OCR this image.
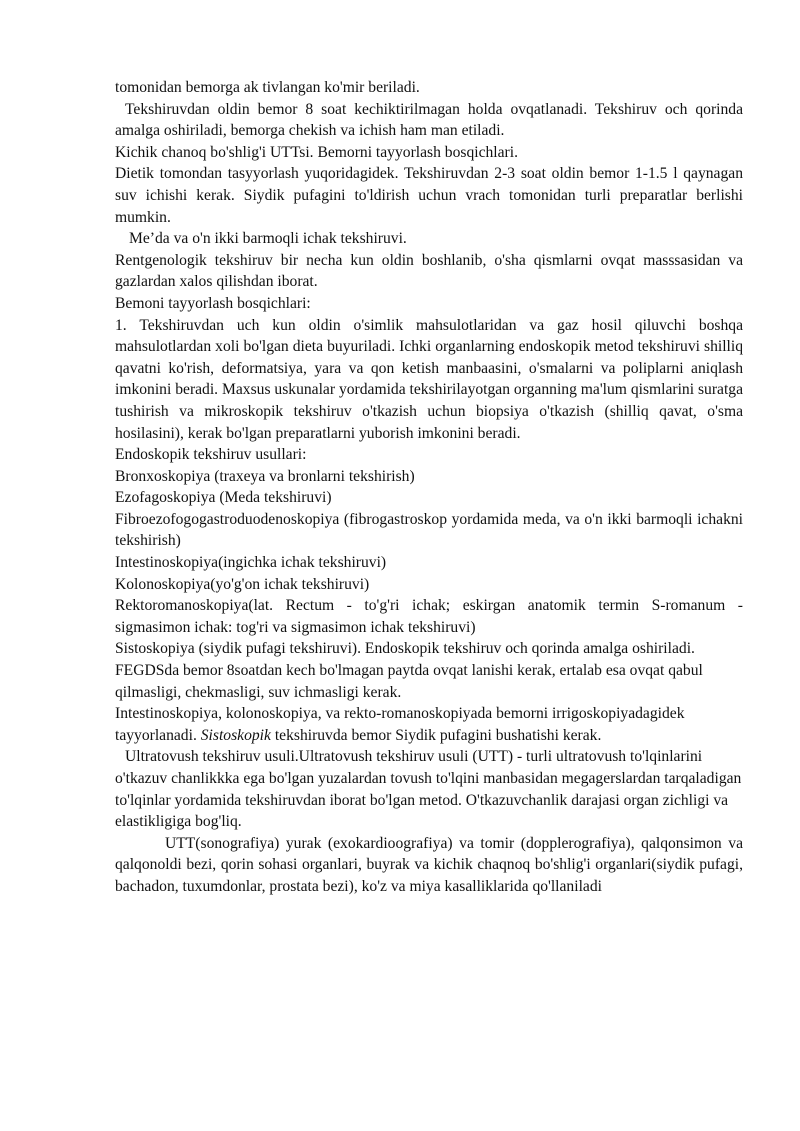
tomonidan bemorga ak tivlangan ko'mir beriladi.

Tekshiruvdan oldin bemor 8 soat kechiktirilmagan holda ovqatlanadi. Tekshiruv och qorinda amalga oshiriladi, bemorga chekish va ichish ham man etiladi.

Kichik chanoq bo'shlig'i UTTsi. Bemorni tayyorlash bosqichlari.

Dietik tomondan tasyyorlash yuqoridagidek. Tekshiruvdan 2-3 soat oldin bemor 1-1.5 l qaynagan suv ichishi kerak. Siydik pufagini to'ldirish uchun vrach tomonidan turli preparatlar berlishi mumkin.

Me’da va o'n ikki barmoqli ichak tekshiruvi.

Rentgenologik tekshiruv bir necha kun oldin boshlanib, o'sha qismlarni ovqat masssasidan va gazlardan xalos qilishdan iborat.

Bemoni tayyorlash bosqichlari:

1. Tekshiruvdan uch kun oldin o'simlik mahsulotlaridan va gaz hosil qiluvchi boshqa mahsulotlardan xoli bo'lgan dieta buyuriladi. Ichki organlarning endoskopik metod tekshiruvi shilliq qavatni ko'rish, deformatsiya, yara va qon ketish manbaasini, o'smalarni va poliplarni aniqlash imkonini beradi. Maxsus uskunalar yordamida tekshirilayotgan organning ma'lum qismlarini suratga tushirish va mikroskopik tekshiruv o'tkazish uchun biopsiya o'tkazish (shilliq qavat, o'sma hosilasini), kerak bo'lgan preparatlarni yuborish imkonini beradi.

Endoskopik tekshiruv usullari:

Bronxoskopiya (traxeya va bronlarni tekshirish)

Ezofagoskopiya (Meda tekshiruvi)

Fibroezofogogastroduodenoskopiya (fibrogastroskop yordamida meda, va o'n ikki barmoqli ichakni tekshirish)

Intestinoskopiya(ingichka ichak tekshiruvi)

Kolonoskopiya(yo'g'on ichak tekshiruvi)

Rektoromanoskopiya(lat. Rectum - to'g'ri ichak; eskirgan anatomik termin S-romanum - sigmasimon ichak: tog'ri va sigmasimon ichak tekshiruvi)

Sistoskopiya (siydik pufagi tekshiruvi). Endoskopik tekshiruv och qorinda amalga oshiriladi. FEGDSda bemor 8soatdan kech bo'lmagan paytda ovqat lanishi kerak, ertalab esa ovqat qabul qilmasligi, chekmasligi, suv ichmasligi kerak.

Intestinoskopiya, kolonoskopiya, va rekto-romanoskopiyada bemorni irrigoskopiyadagidek tayyorlanadi. Sistoskopik tekshiruvda bemor Siydik pufagini bushatishi kerak.

Ultratovush tekshiruv usuli.Ultratovush tekshiruv usuli (UTT) - turli ultratovush to'lqinlarini o'tkazuv chanlikkka ega bo'lgan yuzalardan tovush to'lqini manbasidan megagerslardan tarqaladigan to'lqinlar yordamida tekshiruvdan iborat bo'lgan metod. O'tkazuvchanlik darajasi organ zichligi va elastikligiga bog'liq.

UTT(sonografiya) yurak (exokardioografiya) va tomir (dopplerografiya), qalqonsimon va qalqonoldi bezi, qorin sohasi organlari, buyrak va kichik chaqnoq bo'shlig'i organlari(siydik pufagi, bachadon, tuxumdonlar, prostata bezi), ko'z va miya kasalliklarida qo'llaniladi
